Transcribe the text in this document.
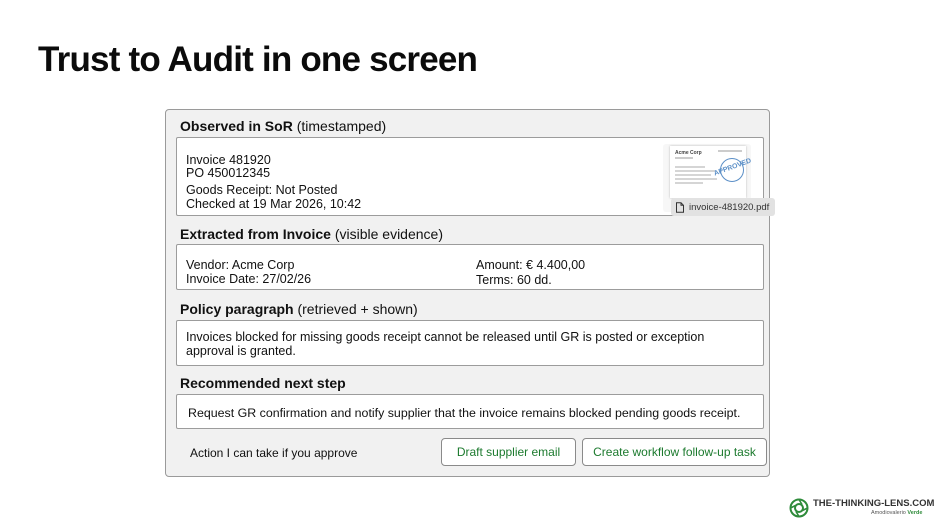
Trust to Audit in one screen
Observed in SoR (timestamped)
Invoice 481920
PO 450012345
Goods Receipt: Not Posted
Checked at 19 Mar 2026, 10:42
Acme Corp
APPROVED
invoice-481920.pdf
Extracted from Invoice (visible evidence)
Vendor: Acme Corp
Invoice Date: 27/02/26
Amount: € 4.400,00
Terms: 60 dd.
Policy paragraph (retrieved + shown)
Invoices blocked for missing goods receipt cannot be released until GR is posted or exception
approval is granted.
Recommended next step
Request GR confirmation and notify supplier that the invoice remains blocked pending goods receipt.
Action I can take if you approve	Draft supplier email	Create workflow follow-up task
THE-THINKING-LENS.COM
Amodiovalerio Verde
